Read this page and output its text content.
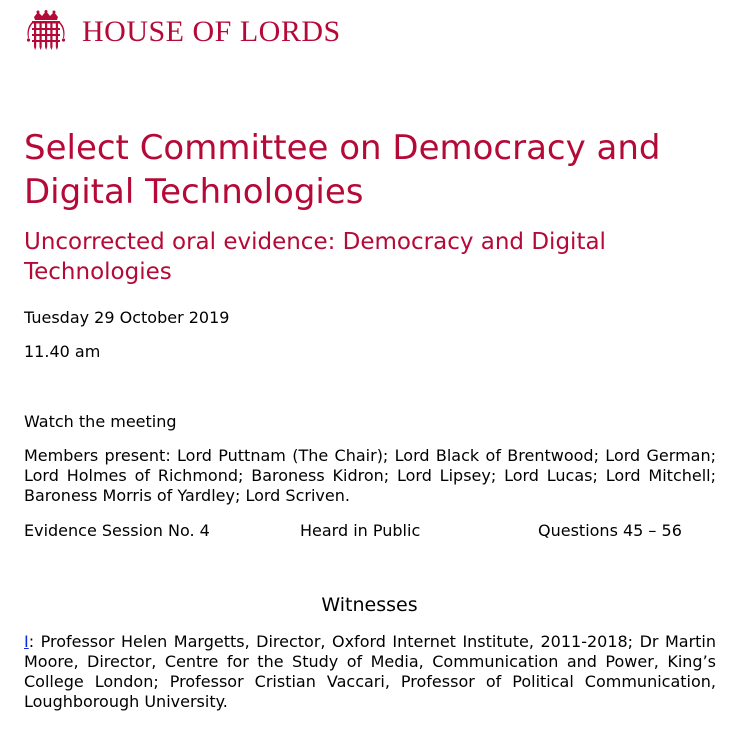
HOUSE OF LORDS
Select Committee on Democracy and Digital Technologies
Uncorrected oral evidence: Democracy and Digital Technologies

Tuesday 29 October 2019

11.40 am

Watch the meeting

Members present: Lord Puttnam (The Chair); Lord Black of Brentwood; Lord German; Lord Holmes of Richmond; Baroness Kidron; Lord Lipsey; Lord Lucas; Lord Mitchell; Baroness Morris of Yardley; Lord Scriven.

Evidence Session No. 4	Heard in Public	Questions 45 – 56
Witnesses

I: Professor Helen Margetts, Director, Oxford Internet Institute, 2011-2018; Dr Martin Moore, Director, Centre for the Study of Media, Communication and Power, King’s College London; Professor Cristian Vaccari, Professor of Political Communication, Loughborough University.
